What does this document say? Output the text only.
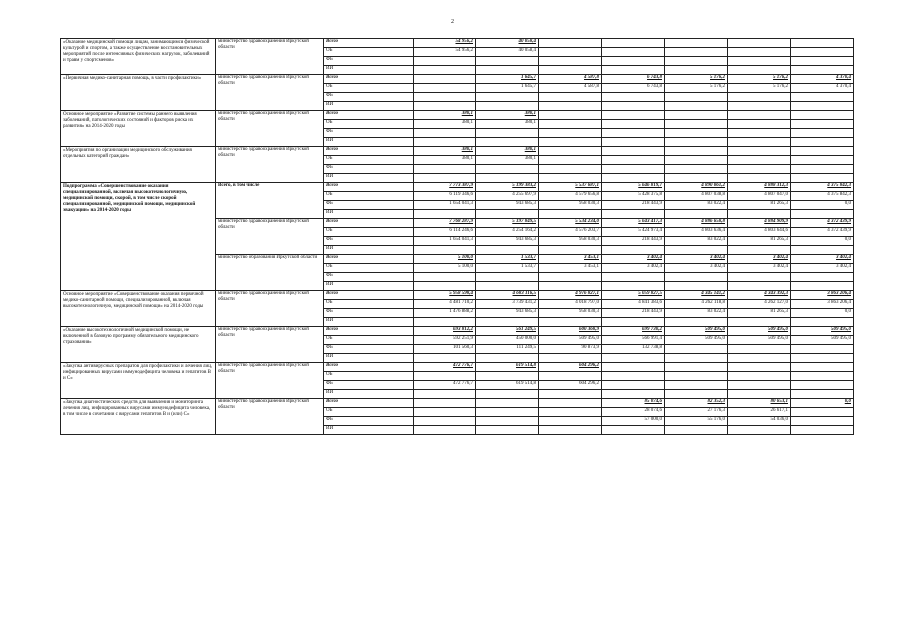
2
«Оказание медицинской помощи лицам, занимающимся физической культурой и спортом, а также осуществление восстановительных мероприятий после интенсивных физических нагрузок, заболеваний и травм у спортсменов»	министерство здравоохранения Иркутской области	Всего	54 956,2	40 058,4					
		ОБ	54 956,2	40 058,4					
		ФБ							
		ИИ							
«Первичная медико-санитарная помощь, в части профилактики»	министерство здравоохранения Иркутской области	Всего		1 645,7	4 587,8	6 743,8	5 176,2	5 176,2	4 370,4
		ОБ		1 645,7	4 587,8	6 743,8	5 176,2	5 176,2	4 370,4
		ФБ							
		ИИ							
Основное мероприятие «Развитие системы раннего выявления заболеваний, патологических состояний и факторов риска их развития» на 2014-2020 годы	министерство здравоохранения Иркутской области	Всего	380,1	380,1					
		ОБ	380,1	380,1					
		ФБ							
		ИИ							
«Мероприятия по организации медицинского обслуживания отдельных категорий граждан»	министерство здравоохранения Иркутской области	Всего	380,1	380,1					
		ОБ	380,1	380,1					
		ФБ							
		ИИ							
Подпрограмма «Совершенствование оказания специализированной, включая высокотехнологичную, медицинской помощи, скорой, в том числе скорой специализированной, медицинской помощи, медицинской эвакуации» на 2014-2020 годы	Всего, в том числе	Всего	7 773 387,9	5 199 383,2	5 537 687,1	5 646 819,7	4 890 061,2	4 888 312,3	4 375 842,3
		ОБ	6 119 346,6	4 255 697,9	4 579 656,8	5 428 375,8	4 807 038,8	4 807 047,0	4 375 842,3
		ФБ	1 654 041,3	943 685,3	958 030,3	218 443,9	83 022,4	81 265,3	0,0
		ИИ							
	министерство здравоохранения Иркутской области	Всего	7 768 287,9	5 197 849,5	5 534 234,0	5 643 417,3	4 886 658,8	4 884 909,9	4 372 439,9
		ОБ	6 114 246,6	4 254 164,2	4 576 203,7	5 424 973,4	4 803 636,4	4 803 644,6	4 372 439,9
		ФБ	1 654 041,3	943 685,3	958 030,3	218 443,9	83 022,4	81 265,3	0,0
		ИИ							
	министерство образования Иркутской области	Всего	5 100,0	1 533,7	3 453,1	3 402,4	3 402,4	3 402,4	3 402,4
		ОБ	5 100,0	1 533,7	3 453,1	3 402,4	3 402,4	3 402,4	3 402,4
		ФБ							
		ИИ							
Основное мероприятие «Совершенствование оказания первичной медико-санитарной помощи, специализированной, включая высокотехнологичную, медицинской помощи» на 2014-2020 годы	министерство здравоохранения Иркутской области	Всего	5 958 598,4	4 683 116,5	4 976 827,1	5 059 827,5	4 345 141,2	4 343 392,3	3 863 206,4
		ОБ	4 481 710,2	3 739 431,2	4 018 797,0	4 841 383,6	4 262 118,8	4 262 127,0	3 863 206,4
		ФБ	1 476 888,2	943 685,3	958 030,3	218 443,9	83 022,4	81 265,3	0,0
		ИИ							
«Оказание высокотехнологичной медицинской помощи, не включенной в базовую программу обязательного медицинского страхования»	министерство здравоохранения Иркутской области	Всего	693 812,2	561 249,5	600 368,9	699 730,2	509 495,0	509 495,0	509 495,0
		ОБ	592 251,9	450 000,0	509 495,0	566 991,4	509 495,0	509 495,0	509 495,0
		ФБ	101 560,3	111 249,5	90 873,9	132 738,8			
		ИИ							
«Закупка антивирусных препаратов для профилактики и лечения лиц, инфицированных вирусами иммунодефицита человека и гепатитов В и С»	министерство здравоохранения Иркутской области	Всего	472 776,7	619 514,8	604 296,2				
		ОБ							
		ФБ	472 776,7	619 514,8	604 296,2				
		ИИ							
«Закупка диагностических средств для выявления и мониторинга лечения лиц, инфицированных вирусами иммунодефицита человека, в том числе в сочетании с вирусами гепатитов В и (или) С»	министерство здравоохранения Иркутской области	Всего				85 074,6	82 352,3	80 653,1	0,0
		ОБ				28 074,6	27 176,3	26 617,1	
		ФБ				57 000,0	55 176,0	54 036,0	
		ИИ							
